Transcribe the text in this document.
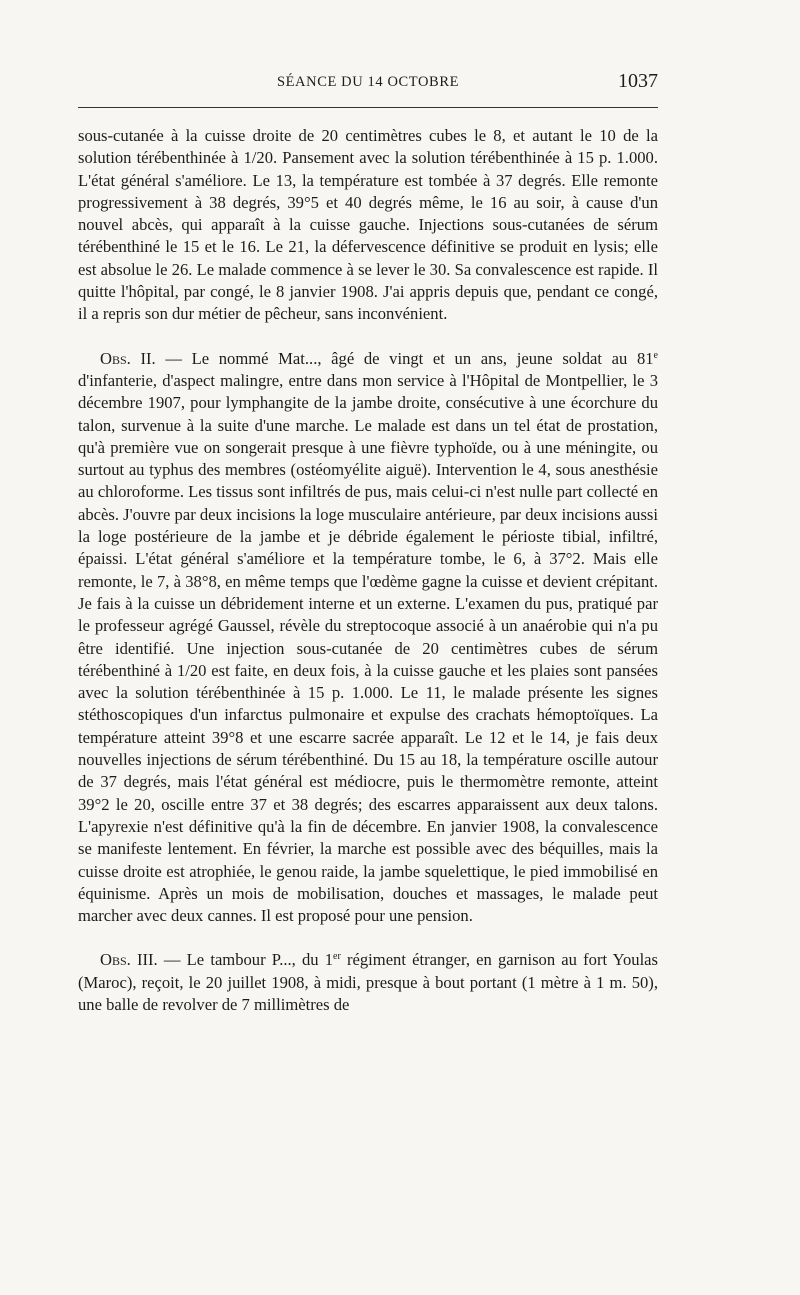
SÉANCE DU 14 OCTOBRE	1037

sous-cutanée à la cuisse droite de 20 centimètres cubes le 8, et autant le 10 de la solution térébenthinée à 1/20. Pansement avec la solution térébenthinée à 15 p. 1.000. L'état général s'améliore. Le 13, la température est tombée à 37 degrés. Elle remonte progressivement à 38 degrés, 39°5 et 40 degrés même, le 16 au soir, à cause d'un nouvel abcès, qui apparaît à la cuisse gauche. Injections sous-cutanées de sérum térébenthiné le 15 et le 16. Le 21, la défervescence définitive se produit en lysis; elle est absolue le 26. Le malade commence à se lever le 30. Sa convalescence est rapide. Il quitte l'hôpital, par congé, le 8 janvier 1908. J'ai appris depuis que, pendant ce congé, il a repris son dur métier de pêcheur, sans inconvénient.

Obs. II. — Le nommé Mat..., âgé de vingt et un ans, jeune soldat au 81e d'infanterie, d'aspect malingre, entre dans mon service à l'Hôpital de Montpellier, le 3 décembre 1907, pour lymphangite de la jambe droite, consécutive à une écorchure du talon, survenue à la suite d'une marche. Le malade est dans un tel état de prostation, qu'à première vue on songerait presque à une fièvre typhoïde, ou à une méningite, ou surtout au typhus des membres (ostéomyélite aiguë). Intervention le 4, sous anesthésie au chloroforme. Les tissus sont infiltrés de pus, mais celui-ci n'est nulle part collecté en abcès. J'ouvre par deux incisions la loge musculaire antérieure, par deux incisions aussi la loge postérieure de la jambe et je débride également le périoste tibial, infiltré, épaissi. L'état général s'améliore et la température tombe, le 6, à 37°2. Mais elle remonte, le 7, à 38°8, en même temps que l'œdème gagne la cuisse et devient crépitant. Je fais à la cuisse un débridement interne et un externe. L'examen du pus, pratiqué par le professeur agrégé Gaussel, révèle du streptocoque associé à un anaérobie qui n'a pu être identifié. Une injection sous-cutanée de 20 centimètres cubes de sérum térébenthiné à 1/20 est faite, en deux fois, à la cuisse gauche et les plaies sont pansées avec la solution térébenthinée à 15 p. 1.000. Le 11, le malade présente les signes stéthoscopiques d'un infarctus pulmonaire et expulse des crachats hémoptoïques. La température atteint 39°8 et une escarre sacrée apparaît. Le 12 et le 14, je fais deux nouvelles injections de sérum térébenthiné. Du 15 au 18, la température oscille autour de 37 degrés, mais l'état général est médiocre, puis le thermomètre remonte, atteint 39°2 le 20, oscille entre 37 et 38 degrés; des escarres apparaissent aux deux talons. L'apyrexie n'est définitive qu'à la fin de décembre. En janvier 1908, la convalescence se manifeste lentement. En février, la marche est possible avec des béquilles, mais la cuisse droite est atrophiée, le genou raide, la jambe squelettique, le pied immobilisé en équinisme. Après un mois de mobilisation, douches et massages, le malade peut marcher avec deux cannes. Il est proposé pour une pension.

Obs. III. — Le tambour P..., du 1er régiment étranger, en garnison au fort Youlas (Maroc), reçoit, le 20 juillet 1908, à midi, presque à bout portant (1 mètre à 1 m. 50), une balle de revolver de 7 millimètres de
